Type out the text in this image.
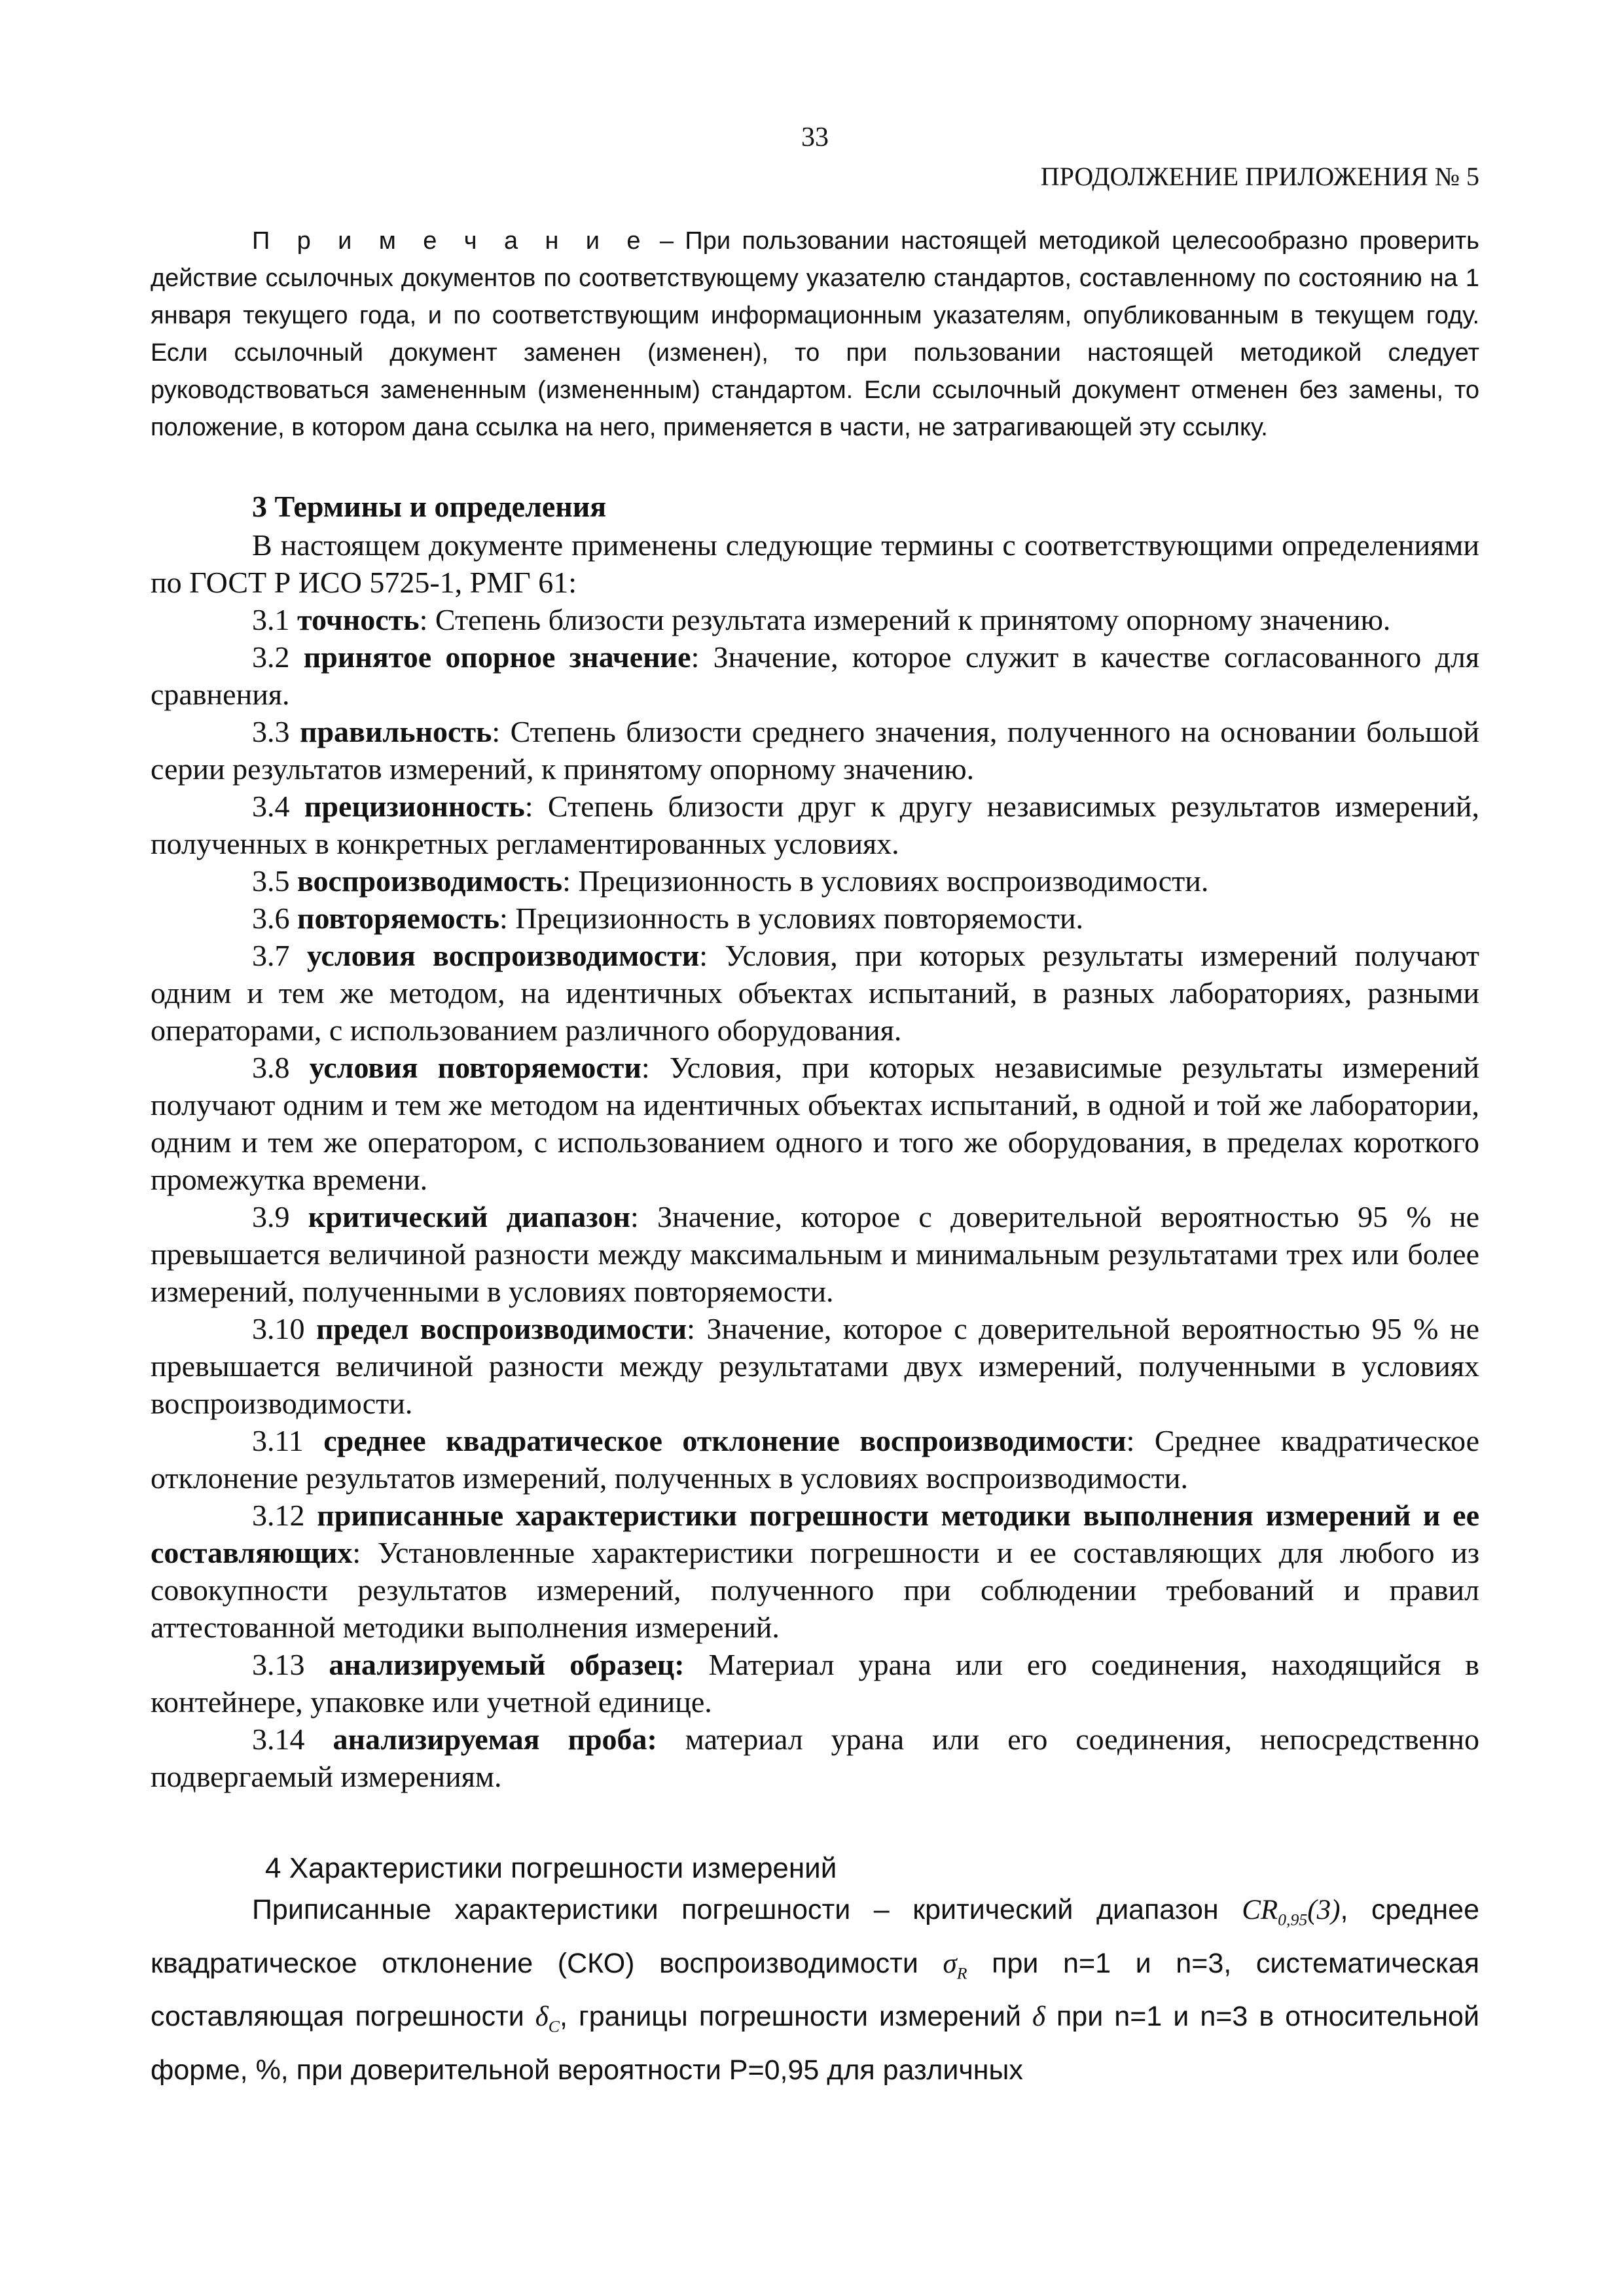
33
ПРОДОЛЖЕНИЕ ПРИЛОЖЕНИЯ № 5
П р и м е ч а н и е – При пользовании настоящей методикой целесообразно проверить действие ссылочных документов по соответствующему указателю стандартов, составленному по состоянию на 1 января текущего года, и по соответствующим информационным указателям, опубликованным в текущем году. Если ссылочный документ заменен (изменен), то при пользовании настоящей методикой следует руководствоваться замененным (измененным) стандартом. Если ссылочный документ отменен без замены, то положение, в котором дана ссылка на него, применяется в части, не затрагивающей эту ссылку.
3 Термины и определения

В настоящем документе применены следующие термины с соответствующими определениями по ГОСТ Р ИСО 5725-1, РМГ 61:

3.1 точность: Степень близости результата измерений к принятому опорному значению.

3.2 принятое опорное значение: Значение, которое служит в качестве согласованного для сравнения.

3.3 правильность: Степень близости среднего значения, полученного на основании большой серии результатов измерений, к принятому опорному значению.

3.4 прецизионность: Степень близости друг к другу независимых результатов измерений, полученных в конкретных регламентированных условиях.

3.5 воспроизводимость: Прецизионность в условиях воспроизводимости.

3.6 повторяемость: Прецизионность в условиях повторяемости.

3.7 условия воспроизводимости: Условия, при которых результаты измерений получают одним и тем же методом, на идентичных объектах испытаний, в разных лабораториях, разными операторами, с использованием различного оборудования.

3.8 условия повторяемости: Условия, при которых независимые результаты измерений получают одним и тем же методом на идентичных объектах испытаний, в одной и той же лаборатории, одним и тем же оператором, с использованием одного и того же оборудования, в пределах короткого промежутка времени.

3.9 критический диапазон: Значение, которое с доверительной вероятностью 95 % не превышается величиной разности между максимальным и минимальным результатами трех или более измерений, полученными в условиях повторяемости.

3.10 предел воспроизводимости: Значение, которое с доверительной вероятностью 95 % не превышается величиной разности между результатами двух измерений, полученными в условиях воспроизводимости.

3.11 среднее квадратическое отклонение воспроизводимости: Среднее квадратическое отклонение результатов измерений, полученных в условиях воспроизводимости.

3.12 приписанные характеристики погрешности методики выполнения измерений и ее составляющих: Установленные характеристики погрешности и ее составляющих для любого из совокупности результатов измерений, полученного при соблюдении требований и правил аттестованной методики выполнения измерений.

3.13 анализируемый образец: Материал урана или его соединения, находящийся в контейнере, упаковке или учетной единице.

3.14 анализируемая проба: материал урана или его соединения, непосредственно подвергаемый измерениям.

4 Характеристики погрешности измерений

Приписанные характеристики погрешности – критический диапазон $CR_{0,95}(3)$, среднее квадратическое отклонение (СКО) воспроизводимости $\sigma_R$ при n=1 и n=3, систематическая составляющая погрешности $\delta_C$, границы погрешности измерений δ при n=1 и n=3 в относительной форме, %, при доверительной вероятности P=0,95 для различных
